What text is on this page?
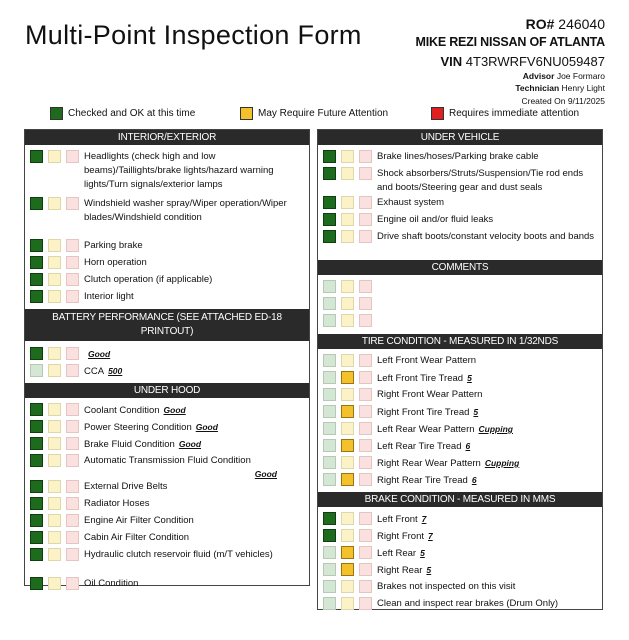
Multi-Point Inspection Form	RO# 246040
MIKE REZI NISSAN OF ATLANTA
VIN 4T3RWRFV6NU059487
Advisor Joe Formaro
Technician Henry Light
Created On 9/11/2025
Checked and OK at this time	May Require Future Attention	Requires immediate attention
INTERIOR/EXTERIOR
Headlights (check high and low beams)/Taillights/brake lights/hazard warning lights/Turn signals/exterior lamps
Windshield washer spray/Wiper operation/Wiper blades/Windshield condition
Parking brake
Horn operation
Clutch operation (if applicable)
Interior light
BATTERY PERFORMANCE (SEE ATTACHED ED-18 PRINTOUT)
Good
CCA 500
UNDER HOOD
Coolant Condition Good
Power Steering Condition Good
Brake Fluid Condition Good
Automatic Transmission Fluid Condition
Good
External Drive Belts
Radiator Hoses
Engine Air Filter Condition
Cabin Air Filter Condition
Hydraulic clutch reservoir fluid (m/T vehicles)
Oil Condition
UNDER VEHICLE
Brake lines/hoses/Parking brake cable
Shock absorbers/Struts/Suspension/Tie rod ends and boots/Steering gear and dust seals
Exhaust system
Engine oil and/or fluid leaks
Drive shaft boots/constant velocity boots and bands
COMMENTS
TIRE CONDITION - MEASURED IN 1/32NDS
Left Front Wear Pattern
Left Front Tire Tread 5
Right Front Wear Pattern
Right Front Tire Tread 5
Left Rear Wear Pattern Cupping
Left Rear Tire Tread 6
Right Rear Wear Pattern Cupping
Right Rear Tire Tread 6
BRAKE CONDITION - MEASURED IN MMS
Left Front 7
Right Front 7
Left Rear 5
Right Rear 5
Brakes not inspected on this visit
Clean and inspect rear brakes (Drum Only)
